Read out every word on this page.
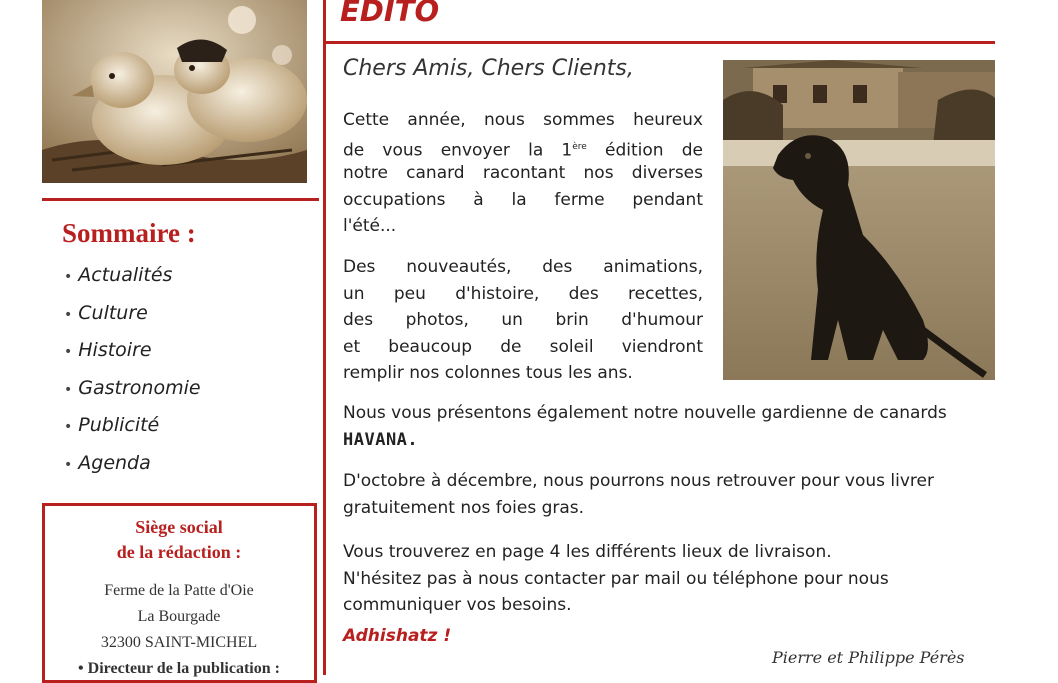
Sommaire :
• Actualités
• Culture
• Histoire
• Gastronomie
• Publicité
• Agenda
Siège social
de la rédaction :
Ferme de la Patte d'Oie
La Bourgade
32300 SAINT-MICHEL
• Directeur de la publication :
EDITO

Chers Amis, Chers Clients,

Cette année, nous sommes heureux
de vous envoyer la 1ère édition de
notre canard racontant nos diverses
occupations à la ferme pendant
l'été...

Des nouveautés, des animations,
un peu d'histoire, des recettes,
des photos, un brin d'humour
et beaucoup de soleil viendront
remplir nos colonnes tous les ans.

Nous vous présentons également notre nouvelle gardienne de canards HAVANA.

D'octobre à décembre, nous pourrons nous retrouver pour vous livrer gratuitement nos foies gras.

Vous trouverez en page 4 les différents lieux de livraison.
N'hésitez pas à nous contacter par mail ou téléphone pour nous communiquer vos besoins.

Adhishatz !

Pierre et Philippe Pérès
